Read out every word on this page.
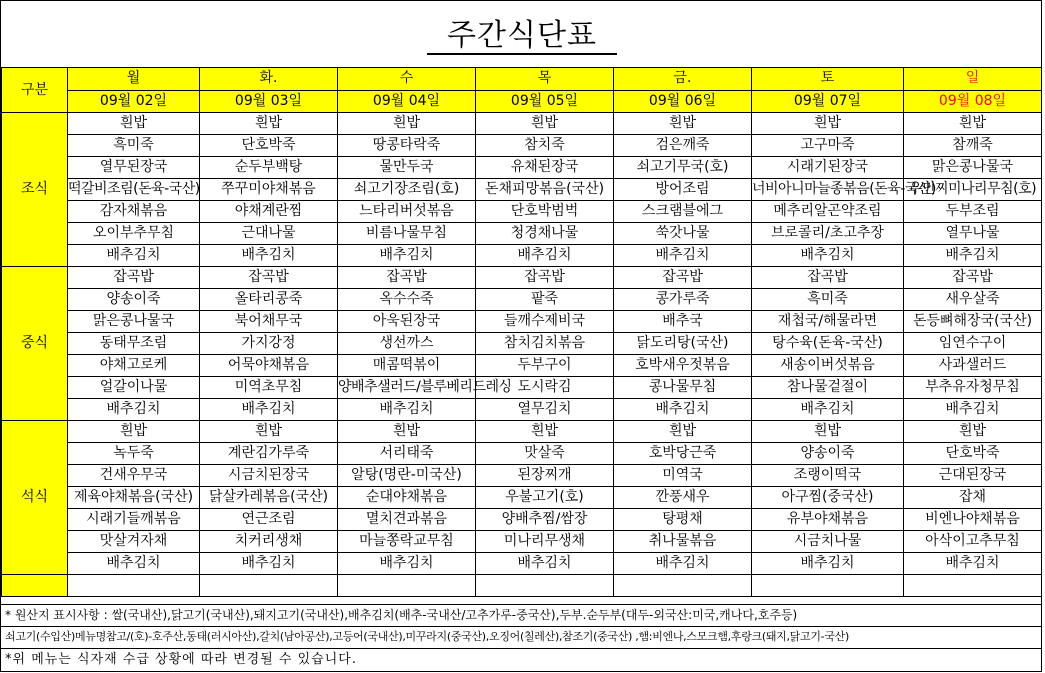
주간식단표
구분	월	화.	수	목	금.	토	일
	09월 02일	09월 03일	09월 04일	09월 05일	09월 06일	09월 07일	09월 08일
조식	흰밥	흰밥	흰밥	흰밥	흰밥	흰밥	흰밥
	흑미죽	단호박죽	땅콩타락죽	참치죽	검은깨죽	고구마죽	참깨죽
	열무된장국	순두부백탕	물만두국	유채된장국	쇠고기무국(호)	시래기된장국	맑은콩나물국
	떡갈비조림(돈육-국산)	쭈꾸미야채볶음	쇠고기장조림(호)	돈채피망볶음(국산)	방어조림	너비아니마늘종볶음(돈육-국산)	우민찌미나리무침(호)
	감자채볶음	야채계란찜	느타리버섯볶음	단호박범벅	스크램블에그	메추리알곤약조림	두부조림
	오이부추무침	근대나물	비름나물무침	청경채나물	쑥갓나물	브로콜리/초고추장	열무나물
	배추김치	배추김치	배추김치	배추김치	배추김치	배추김치	배추김치
중식	잡곡밥	잡곡밥	잡곡밥	잡곡밥	잡곡밥	잡곡밥	잡곡밥
	양송이죽	올타리콩죽	옥수수죽	팥죽	콩가루죽	흑미죽	새우살죽
	맑은콩나물국	북어채무국	아욱된장국	들깨수제비국	배추국	재첩국/해물라면	돈등뼈해장국(국산)
	동태무조림	가지강정	생선까스	참치김치볶음	닭도리탕(국산)	탕수육(돈육-국산)	임연수구이
	야채고로케	어묵야채볶음	매콤떡볶이	두부구이	호박새우젓볶음	새송이버섯볶음	사과샐러드
	얼갈이나물	미역초무침	양배추샐러드/블루베리드레싱	도시락김	콩나물무침	참나물겉절이	부추유자청무침
	배추김치	배추김치	배추김치	열무김치	배추김치	배추김치	배추김치
석식	흰밥	흰밥	흰밥	흰밥	흰밥	흰밥	흰밥
	녹두죽	계란김가루죽	서리태죽	맛살죽	호박당근죽	양송이죽	단호박죽
	건새우무국	시금치된장국	알탕(명란-미국산)	된장찌개	미역국	조랭이떡국	근대된장국
	제육야채볶음(국산)	닭살카레볶음(국산)	순대야채볶음	우불고기(호)	깐풍새우	아구찜(중국산)	잡채
	시래기들깨볶음	연근조림	멸치견과볶음	양배추찜/쌈장	탕평채	유부야채볶음	비엔나야채볶음
	맛살겨자채	치커리생채	마늘쫑락교무침	미나리무생채	취나물볶음	시금치나물	아삭이고추무침
	배추김치	배추김치	배추김치	배추김치	배추김치	배추김치	배추김치

* 원산지 표시사항 : 쌀(국내산),닭고기(국내산),돼지고기(국내산),배추김치(배추-국내산/고추가루-중국산),두부.순두부(대두-외국산:미국,캐나다,호주등)
쇠고기(수입산)메뉴명참고/(호)-호주산,동태(러시아산),갈치(남아공산),고등어(국내산),미꾸라지(중국산),오징어(칠레산),참조기(중국산) ,햄:비엔나,스모크햄,후랑크(돼지,닭고기-국산)
*위 메뉴는 식자재 수급 상황에 따라 변경될 수 있습니다.
